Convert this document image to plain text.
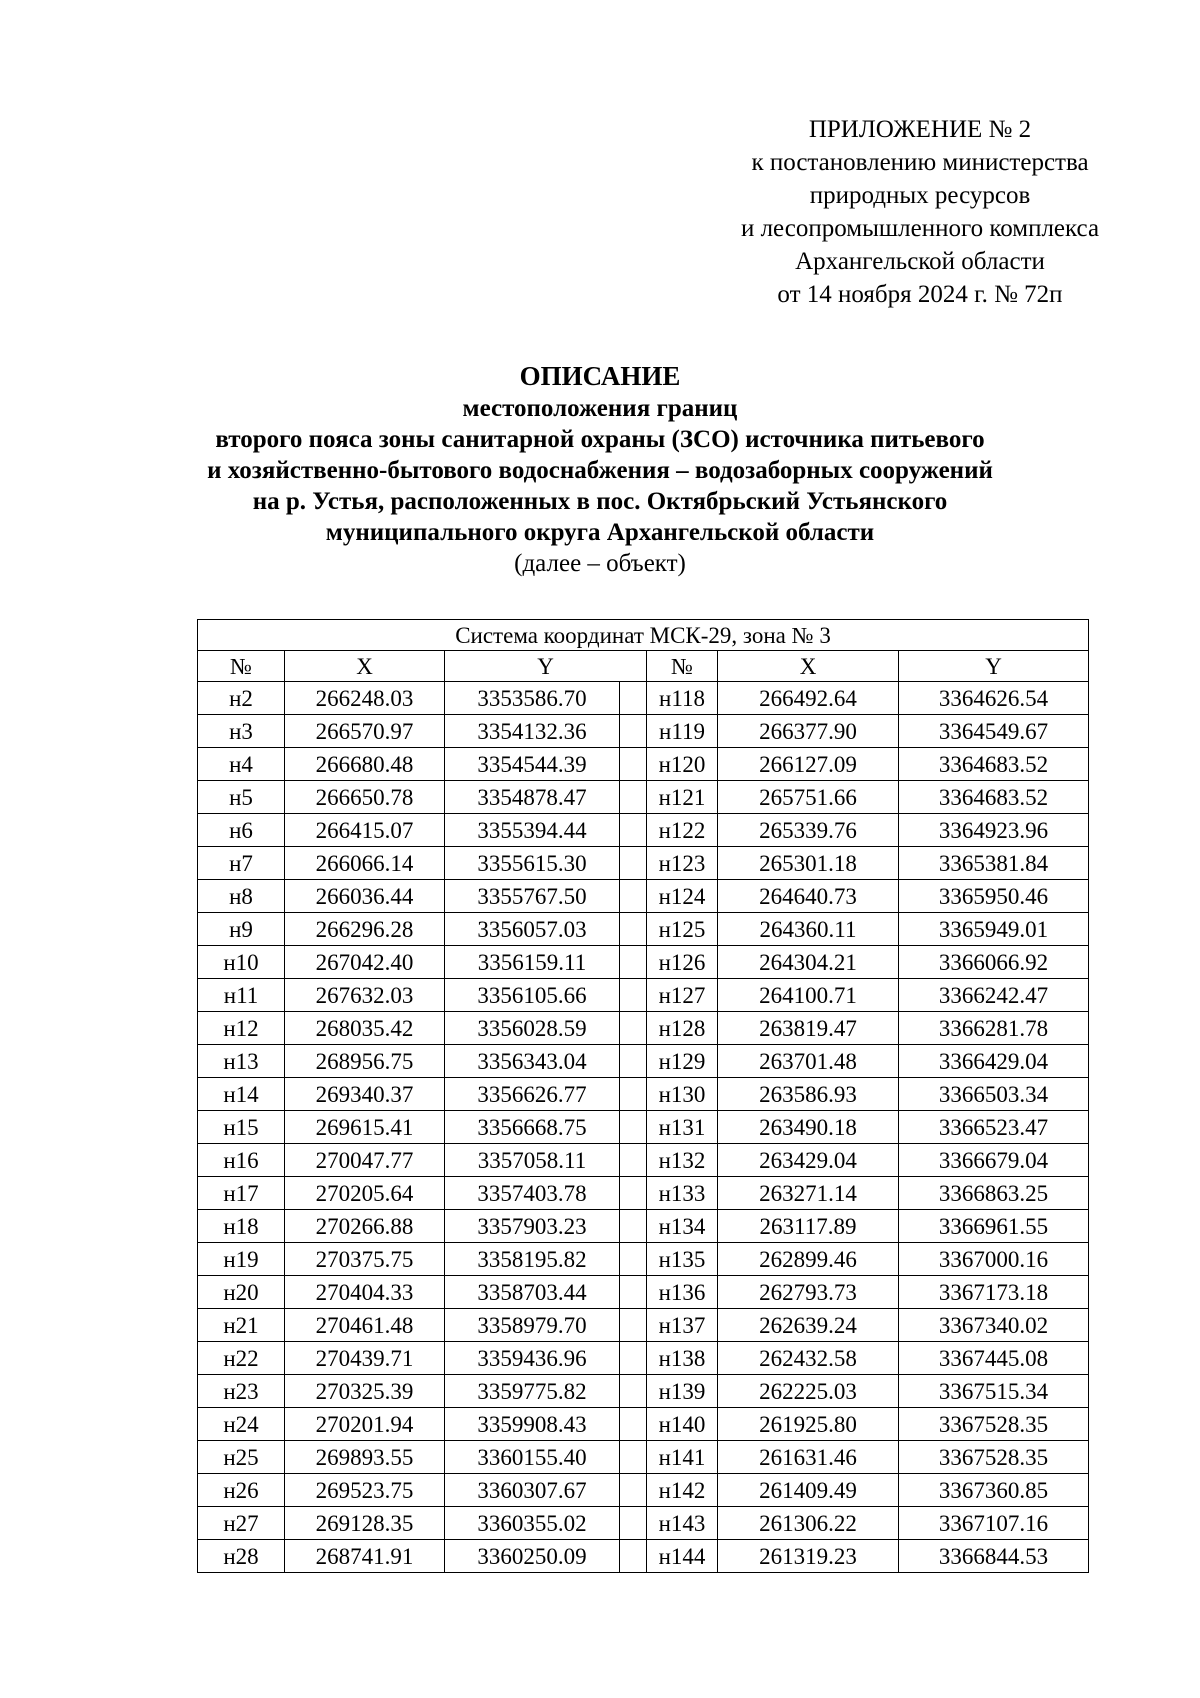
ПРИЛОЖЕНИЕ № 2
к постановлению министерства
природных ресурсов
и лесопромышленного комплекса
Архангельской области
от 14 ноября 2024 г. № 72п
ОПИСАНИЕ
местоположения границ
второго пояса зоны санитарной охраны (ЗСО) источника питьевого
и хозяйственно-бытового водоснабжения – водозаборных сооружений
на р. Устья, расположенных в пос. Октябрьский Устьянского
муниципального округа Архангельской области
(далее – объект)
Система координат МСК-29, зона № 3						
№	X	Y		№	X	Y
н2	266248.03	3353586.70		н118	266492.64	3364626.54
н3	266570.97	3354132.36		н119	266377.90	3364549.67
н4	266680.48	3354544.39		н120	266127.09	3364683.52
н5	266650.78	3354878.47		н121	265751.66	3364683.52
н6	266415.07	3355394.44		н122	265339.76	3364923.96
н7	266066.14	3355615.30		н123	265301.18	3365381.84
н8	266036.44	3355767.50		н124	264640.73	3365950.46
н9	266296.28	3356057.03		н125	264360.11	3365949.01
н10	267042.40	3356159.11		н126	264304.21	3366066.92
н11	267632.03	3356105.66		н127	264100.71	3366242.47
н12	268035.42	3356028.59		н128	263819.47	3366281.78
н13	268956.75	3356343.04		н129	263701.48	3366429.04
н14	269340.37	3356626.77		н130	263586.93	3366503.34
н15	269615.41	3356668.75		н131	263490.18	3366523.47
н16	270047.77	3357058.11		н132	263429.04	3366679.04
н17	270205.64	3357403.78		н133	263271.14	3366863.25
н18	270266.88	3357903.23		н134	263117.89	3366961.55
н19	270375.75	3358195.82		н135	262899.46	3367000.16
н20	270404.33	3358703.44		н136	262793.73	3367173.18
н21	270461.48	3358979.70		н137	262639.24	3367340.02
н22	270439.71	3359436.96		н138	262432.58	3367445.08
н23	270325.39	3359775.82		н139	262225.03	3367515.34
н24	270201.94	3359908.43		н140	261925.80	3367528.35
н25	269893.55	3360155.40		н141	261631.46	3367528.35
н26	269523.75	3360307.67		н142	261409.49	3367360.85
н27	269128.35	3360355.02		н143	261306.22	3367107.16
н28	268741.91	3360250.09		н144	261319.23	3366844.53
